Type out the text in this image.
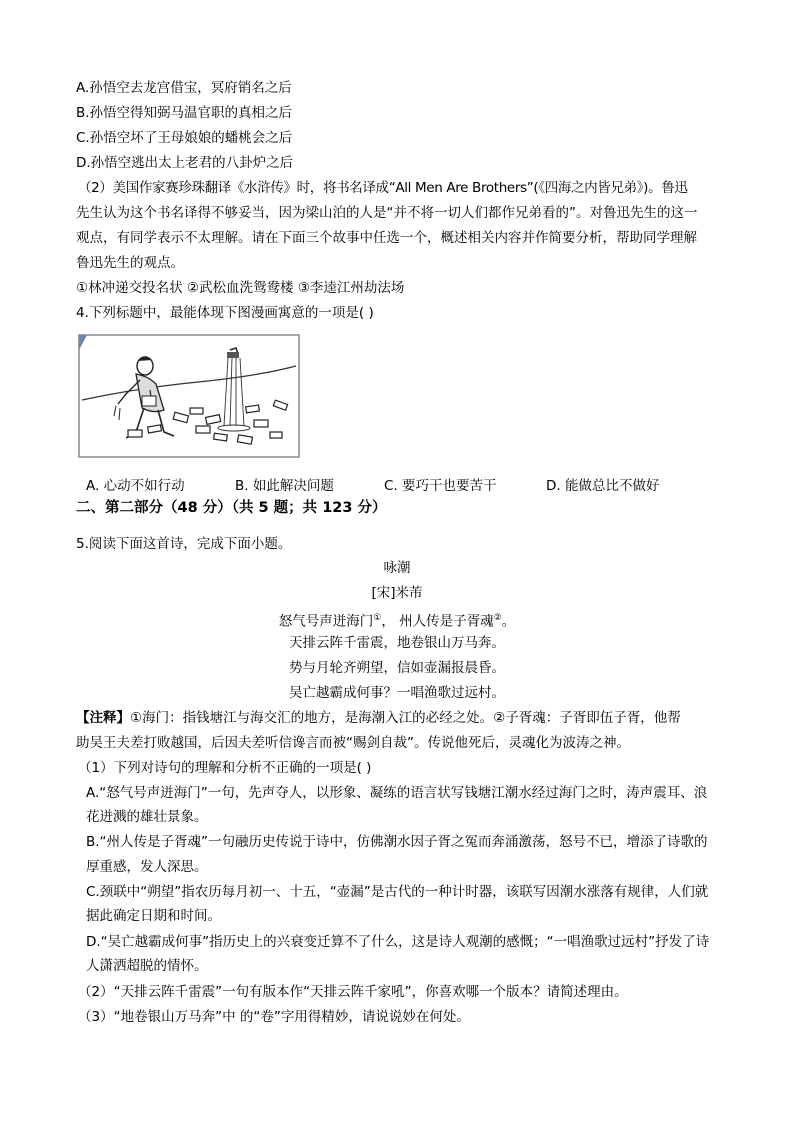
A.孙悟空去龙宫借宝，冥府销名之后
B.孙悟空得知弼马温官职的真相之后
C.孙悟空坏了王母娘娘的蟠桃会之后
D.孙悟空逃出太上老君的八卦炉之后
（2）美国作家赛珍珠翻译《水浒传》时，将书名译成“All Men Are Brothers”(《四海之内皆兄弟》)。鲁迅
先生认为这个书名译得不够妥当，因为梁山泊的人是“并不将一切人们都作兄弟看的”。对鲁迅先生的这一
观点，有同学表示不太理解。请在下面三个故事中任选一个，概述相关内容并作简要分析，帮助同学理解
鲁迅先生的观点。
①林冲递交投名状 ②武松血洗鸳鸯楼 ③李逵江州劫法场
4.下列标题中，最能体现下图漫画寓意的一项是( )
A. 心动不如行动	B. 如此解决问题	C. 要巧干也要苦干	D. 能做总比不做好
二、第二部分（48 分）（共 5 题；共 123 分）
5.阅读下面这首诗，完成下面小题。
咏潮
[宋]米芾
怒气号声迸海门①， 州人传是子胥魂②。
天排云阵千雷震，地卷银山万马奔。
势与月轮齐朔望，信如壶漏报晨昏。
吴亡越霸成何事？一唱渔歌过远村。
【注释】①海门：指钱塘江与海交汇的地方，是海潮入江的必经之处。②子胥魂：子胥即伍子胥，他帮
助吴王夫差打败越国，后因夫差听信谗言而被“赐剑自裁”。传说他死后，灵魂化为波涛之神。
（1）下列对诗句的理解和分析不正确的一项是( )
A.“怒气号声迸海门”一句，先声夺人，以形象、凝练的语言状写钱塘江潮水经过海门之时，涛声震耳、浪
花迸溅的雄壮景象。
B.“州人传是子胥魂”一句融历史传说于诗中，仿佛潮水因子胥之冤而奔涌激荡，怒号不已，增添了诗歌的
厚重感，发人深思。
C.颈联中“朔望”指农历每月初一、十五，“壶漏”是古代的一种计时器，该联写因潮水涨落有规律，人们就
据此确定日期和时间。
D.“吴亡越霸成何事”指历史上的兴衰变迁算不了什么，这是诗人观潮的感慨；“一唱渔歌过远村”抒发了诗
人潇洒超脱的情怀。
（2）“天排云阵千雷震”一句有版本作“天排云阵千家吼”，你喜欢哪一个版本？请简述理由。
（3）“地卷银山万马奔”中 的“卷”字用得精妙，请说说妙在何处。
